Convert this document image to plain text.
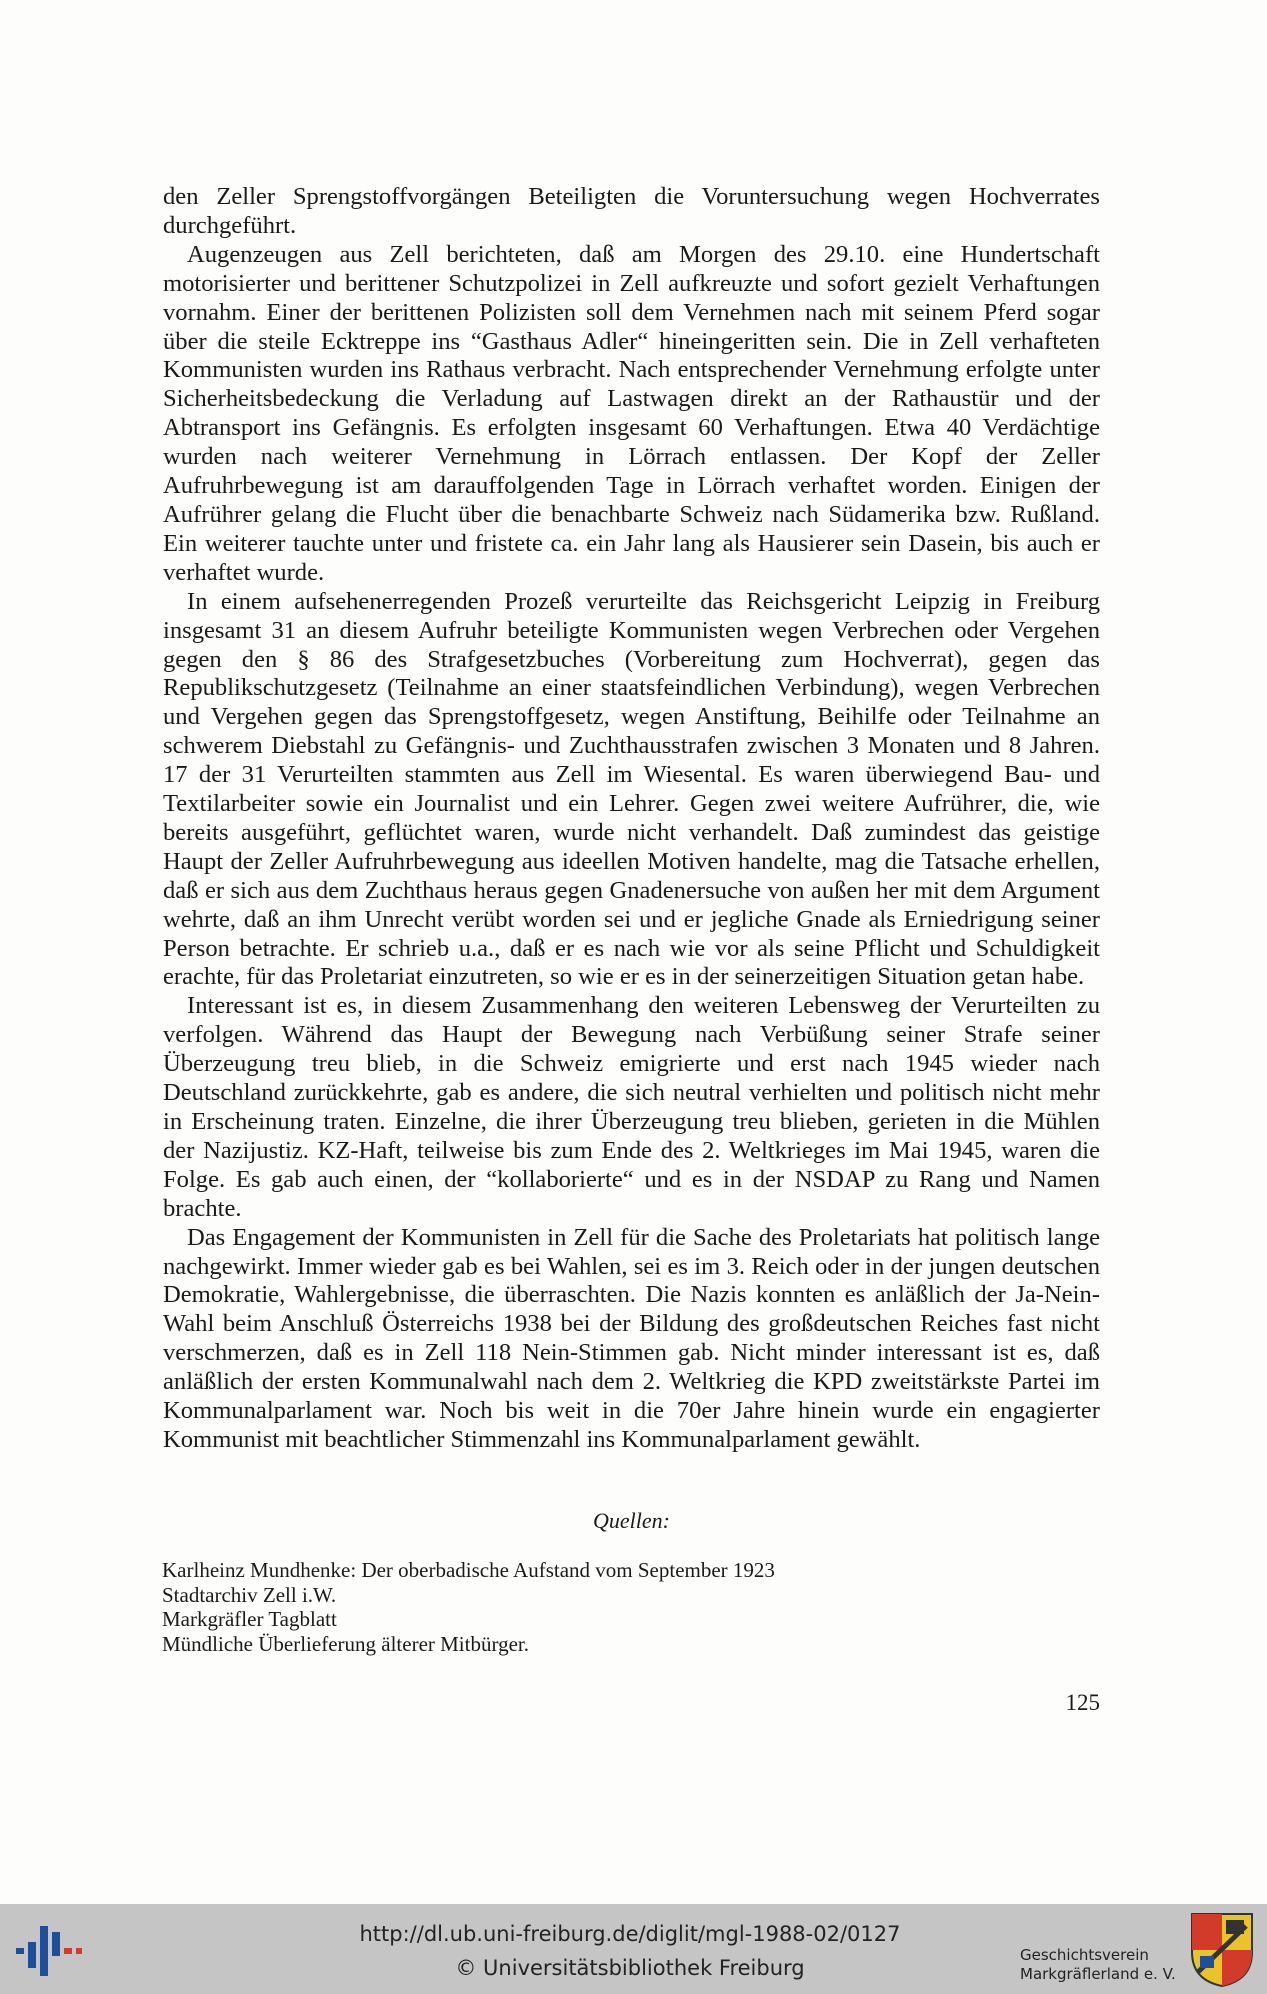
den Zeller Sprengstoffvorgängen Beteiligten die Voruntersuchung wegen Hochverrates durchgeführt.

Augenzeugen aus Zell berichteten, daß am Morgen des 29.10. eine Hundertschaft motorisierter und berittener Schutzpolizei in Zell aufkreuzte und sofort gezielt Verhaftungen vornahm. Einer der berittenen Polizisten soll dem Vernehmen nach mit seinem Pferd sogar über die steile Ecktreppe ins “Gasthaus Adler“ hineingeritten sein. Die in Zell verhafteten Kommunisten wurden ins Rathaus verbracht. Nach entsprechender Vernehmung erfolgte unter Sicherheitsbedeckung die Verladung auf Lastwagen direkt an der Rathaustür und der Abtransport ins Gefängnis. Es erfolgten insgesamt 60 Verhaftungen. Etwa 40 Verdächtige wurden nach weiterer Vernehmung in Lörrach entlassen. Der Kopf der Zeller Aufruhrbewegung ist am darauffolgenden Tage in Lörrach verhaftet worden. Einigen der Aufrührer gelang die Flucht über die benachbarte Schweiz nach Südamerika bzw. Rußland. Ein weiterer tauchte unter und fristete ca. ein Jahr lang als Hausierer sein Dasein, bis auch er verhaftet wurde.

In einem aufsehenerregenden Prozeß verurteilte das Reichsgericht Leipzig in Freiburg insgesamt 31 an diesem Aufruhr beteiligte Kommunisten wegen Verbrechen oder Vergehen gegen den § 86 des Strafgesetzbuches (Vorbereitung zum Hochverrat), gegen das Republikschutzgesetz (Teilnahme an einer staatsfeindlichen Verbindung), wegen Verbrechen und Vergehen gegen das Sprengstoffgesetz, wegen Anstiftung, Beihilfe oder Teilnahme an schwerem Diebstahl zu Gefängnis- und Zuchthausstrafen zwischen 3 Monaten und 8 Jahren. 17 der 31 Verurteilten stammten aus Zell im Wiesental. Es waren überwiegend Bau- und Textilarbeiter sowie ein Journalist und ein Lehrer. Gegen zwei weitere Aufrührer, die, wie bereits ausgeführt, geflüchtet waren, wurde nicht verhandelt. Daß zumindest das geistige Haupt der Zeller Aufruhrbewegung aus ideellen Motiven handelte, mag die Tatsache erhellen, daß er sich aus dem Zuchthaus heraus gegen Gnadenersuche von außen her mit dem Argument wehrte, daß an ihm Unrecht verübt worden sei und er jegliche Gnade als Erniedrigung seiner Person betrachte. Er schrieb u.a., daß er es nach wie vor als seine Pflicht und Schuldigkeit erachte, für das Proletariat einzutreten, so wie er es in der seinerzeitigen Situation getan habe.

Interessant ist es, in diesem Zusammenhang den weiteren Lebensweg der Verurteilten zu verfolgen. Während das Haupt der Bewegung nach Verbüßung seiner Strafe seiner Überzeugung treu blieb, in die Schweiz emigrierte und erst nach 1945 wieder nach Deutschland zurückkehrte, gab es andere, die sich neutral verhielten und politisch nicht mehr in Erscheinung traten. Einzelne, die ihrer Überzeugung treu blieben, gerieten in die Mühlen der Nazijustiz. KZ-Haft, teilweise bis zum Ende des 2. Weltkrieges im Mai 1945, waren die Folge. Es gab auch einen, der “kollaborierte“ und es in der NSDAP zu Rang und Namen brachte.

Das Engagement der Kommunisten in Zell für die Sache des Proletariats hat politisch lange nachgewirkt. Immer wieder gab es bei Wahlen, sei es im 3. Reich oder in der jungen deutschen Demokratie, Wahlergebnisse, die überraschten. Die Nazis konnten es anläßlich der Ja-Nein-Wahl beim Anschluß Österreichs 1938 bei der Bildung des großdeutschen Reiches fast nicht verschmerzen, daß es in Zell 118 Nein-Stimmen gab. Nicht minder interessant ist es, daß anläßlich der ersten Kommunalwahl nach dem 2. Weltkrieg die KPD zweitstärkste Partei im Kommunalparlament war. Noch bis weit in die 70er Jahre hinein wurde ein engagierter Kommunist mit beachtlicher Stimmenzahl ins Kommunalparlament gewählt.

Quellen:
Karlheinz Mundhenke: Der oberbadische Aufstand vom September 1923
Stadtarchiv Zell i.W.
Markgräfler Tagblatt
Mündliche Überlieferung älterer Mitbürger.
125
http://dl.ub.uni-freiburg.de/diglit/mgl-1988-02/0127
© Universitätsbibliothek Freiburg
Geschichtsverein
Markgräflerland e. V.
